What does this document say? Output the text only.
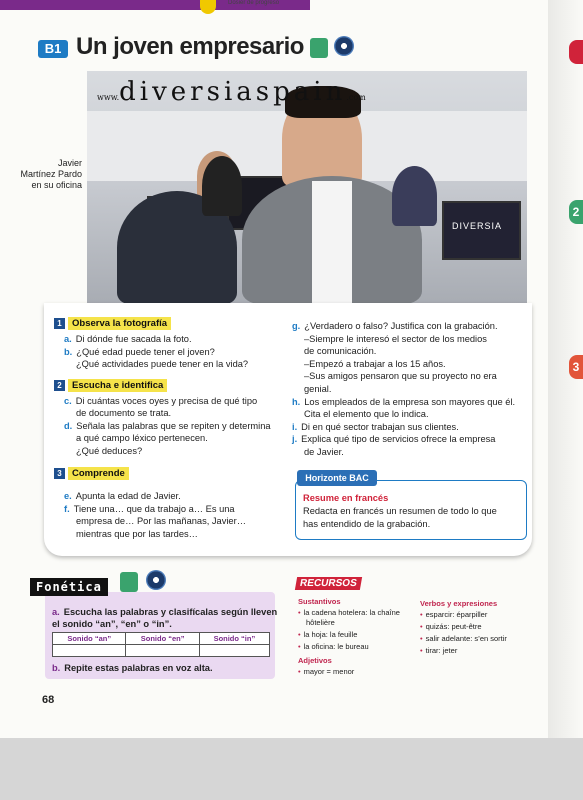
Dosier de progreso
B1 Un joven empresario
Javier
Martínez Pardo
en su oficina
DIVERSIA
www.diversiaspain.com
1 Observa la fotografía
a. Di dónde fue sacada la foto.
b. ¿Qué edad puede tener el joven?
¿Qué actividades puede tener en la vida?
2 Escucha e identifica
c. Di cuántas voces oyes y precisa de qué tipo
de documento se trata.
d. Señala las palabras que se repiten y determina
a qué campo léxico pertenecen.
¿Qué deduces?
3 Comprende
e. Apunta la edad de Javier.
f. Tiene una… que da trabajo a… Es una
empresa de… Por las mañanas, Javier…
mientras que por las tardes…
g. ¿Verdadero o falso? Justifica con la grabación.
–Siempre le interesó el sector de los medios
de comunicación.
–Empezó a trabajar a los 15 años.
–Sus amigos pensaron que su proyecto no era
genial.
h. Los empleados de la empresa son mayores que él.
Cita el elemento que lo indica.
i. Di en qué sector trabajan sus clientes.
j. Explica qué tipo de servicios ofrece la empresa
de Javier.
Horizonte BAC
Resume en francés
Redacta en francés un resumen de todo lo que
has entendido de la grabación.
Fonética
a. Escucha las palabras y clasifícalas según lleven
el sonido “an”, “en” o “in”.
Sonido “an”	Sonido “en”	Sonido “in”

b. Repite estas palabras en voz alta.
RECURSOS
Sustantivos
• la cadena hotelera: la chaîne
hôtelière
• la hoja: la feuille
• la oficina: le bureau
Adjetivos
• mayor = menor
Verbos y expresiones
• esparcir: éparpiller
• quizás: peut-être
• salir adelante: s’en sortir
• tirar: jeter
68
2
3
